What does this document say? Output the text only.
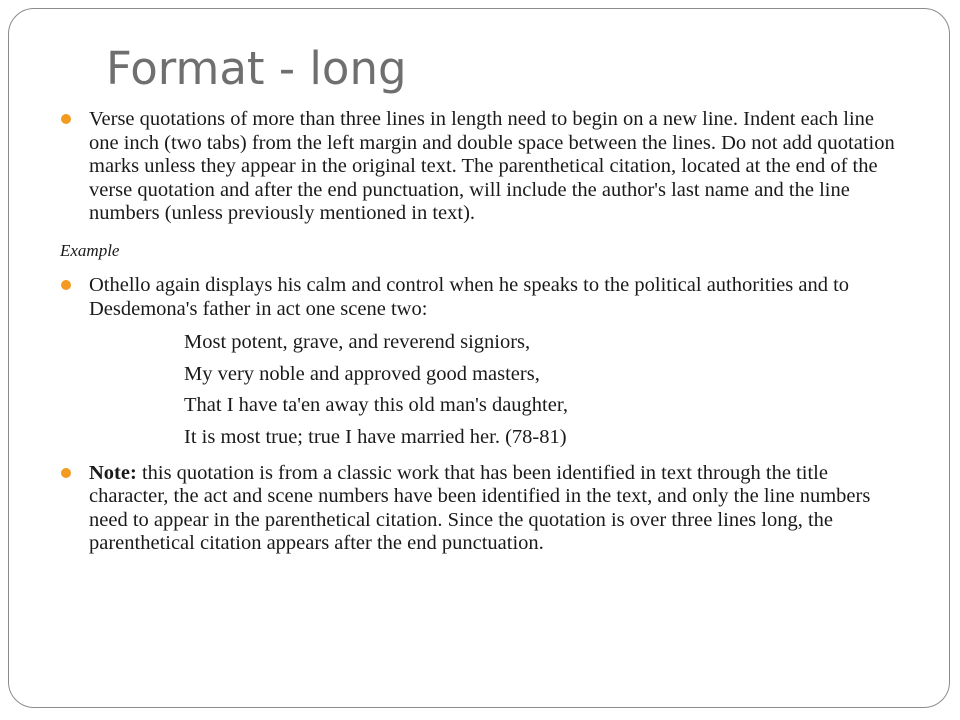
Format - long
Verse quotations of more than three lines in length need to begin on a new line. Indent each line one inch (two tabs) from the left margin and double space between the lines. Do not add quotation marks unless they appear in the original text. The parenthetical citation, located at the end of the verse quotation and after the end punctuation, will include the author's last name and the line numbers (unless previously mentioned in text).
Example
Othello again displays his calm and control when he speaks to the political authorities and to Desdemona's father in act one scene two:
Most potent, grave, and reverend signiors,
My very noble and approved good masters,
That I have ta'en away this old man's daughter,
It is most true; true I have married her. (78-81)
Note: this quotation is from a classic work that has been identified in text through the title character, the act and scene numbers have been identified in the text, and only the line numbers need to appear in the parenthetical citation. Since the quotation is over three lines long, the parenthetical citation appears after the end punctuation.
